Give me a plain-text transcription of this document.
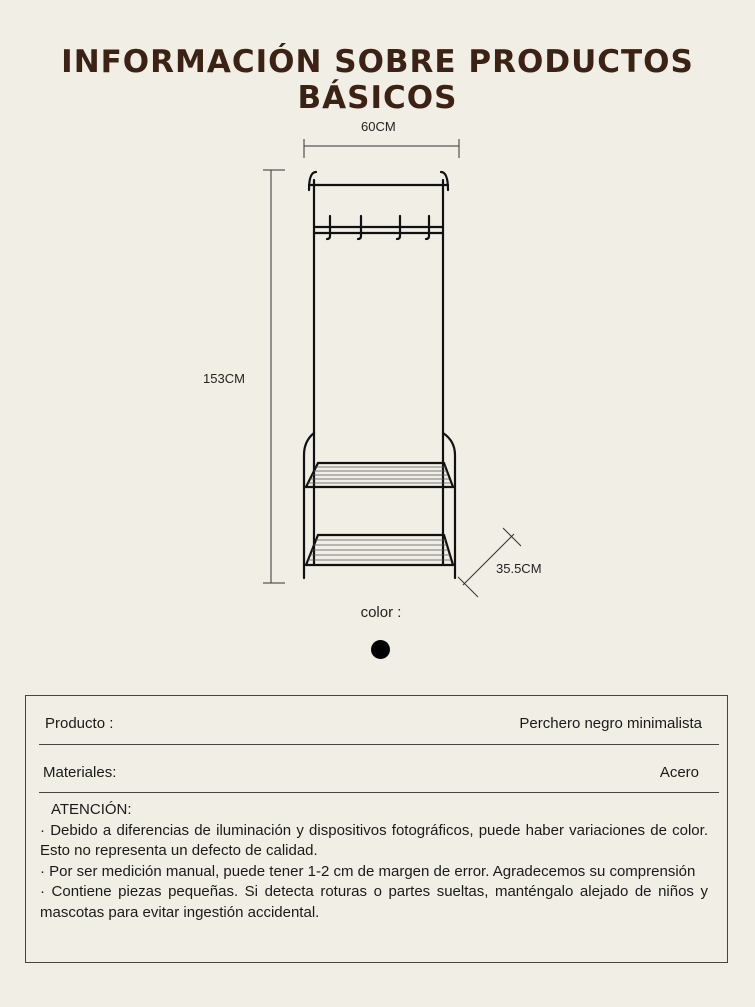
INFORMACIÓN SOBRE PRODUCTOS BÁSICOS
60CM
153CM
35.5CM
color :
Producto :	Perchero negro minimalista
Materiales:	Acero
ATENCIÓN:
· Debido a diferencias de iluminación y dispositivos fotográficos, puede haber variaciones de color. Esto no representa un defecto de calidad.
· Por ser medición manual, puede tener 1-2 cm de margen de error. Agradecemos su comprensión
· Contiene piezas pequeñas. Si detecta roturas o partes sueltas, manténgalo alejado de niños y mascotas para evitar ingestión accidental.
